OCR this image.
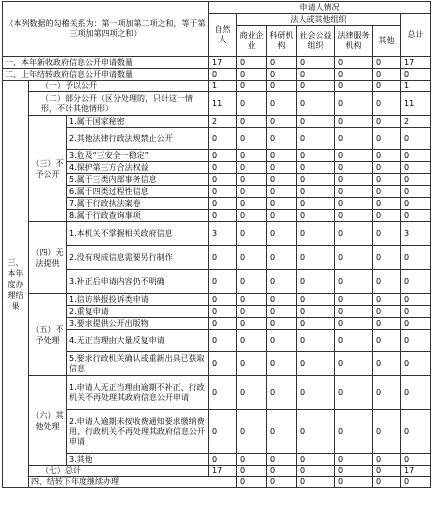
（本列数据的勾稽关系为：第一项加第二项之和，等于第三项加第四项之和）			申请人情况							
			自然人	法人或其他组织					总计	
				商业企业	科研机构	社会公益组织	法律服务机构	其他		
一、本年新收政府信息公开申请数量			17	0	0	0	0	0	17	
二、上年结转政府信息公开申请数量			0	0	0	0	0	0	0	
三、本年度办理结果	（一）予以公开		1	0	0	0	0	0	1	
	（二）部分公开（区分处理的，只计这一情形，不计其他情形）		11	0	0	0	0	0	11	
	（三）不予公开	1.属于国家秘密	2	0	0	0	0	0	2	
		2.其他法律行政法规禁止公开	0	0	0	0	0	0	0	
		3.危及“三安全一稳定”	0	0	0	0	0	0	0	
		4.保护第三方合法权益	0	0	0	0	0	0	0	
		5.属于三类内部事务信息	0	0	0	0	0	0	0	
		6.属于四类过程性信息	0	0	0	0	0	0	0	
		7.属于行政执法案卷	0	0	0	0	0	0	0	
		8.属于行政查询事项	0	0	0	0	0	0	0	
	（四）无法提供	1.本机关不掌握相关政府信息	3	0	0	0	0	0	3	
		2.没有现成信息需要另行制作	0	0	0	0	0	0	0	
		3.补正后申请内容仍不明确	0	0	0	0	0	0	0	
	（五）不予处理	1.信访举报投诉类申请	0	0	0	0	0	0	0	
		2.重复申请	0	0	0	0	0	0	0	
		3.要求提供公开出版物	0	0	0	0	0	0	0	
		4.无正当理由大量反复申请	0	0	0	0	0	0	0	
		5.要求行政机关确认或重新出具已获取信息	0	0	0	0	0	0	0	
	（六）其他处理	1.申请人无正当理由逾期不补正、行政机关不再处理其政府信息公开申请	0	0	0	0	0	0	0	
		2.申请人逾期未按收费通知要求缴纳费用、行政机关不再处理其政府信息公开申请	0	0	0	0	0	0	0	
		3.其他	0	0	0	0	0	0	0	
	（七）总计		17	0	0	0	0	0	17	
	四、结转下年度继续办理			0	0	0	0	0	0	
